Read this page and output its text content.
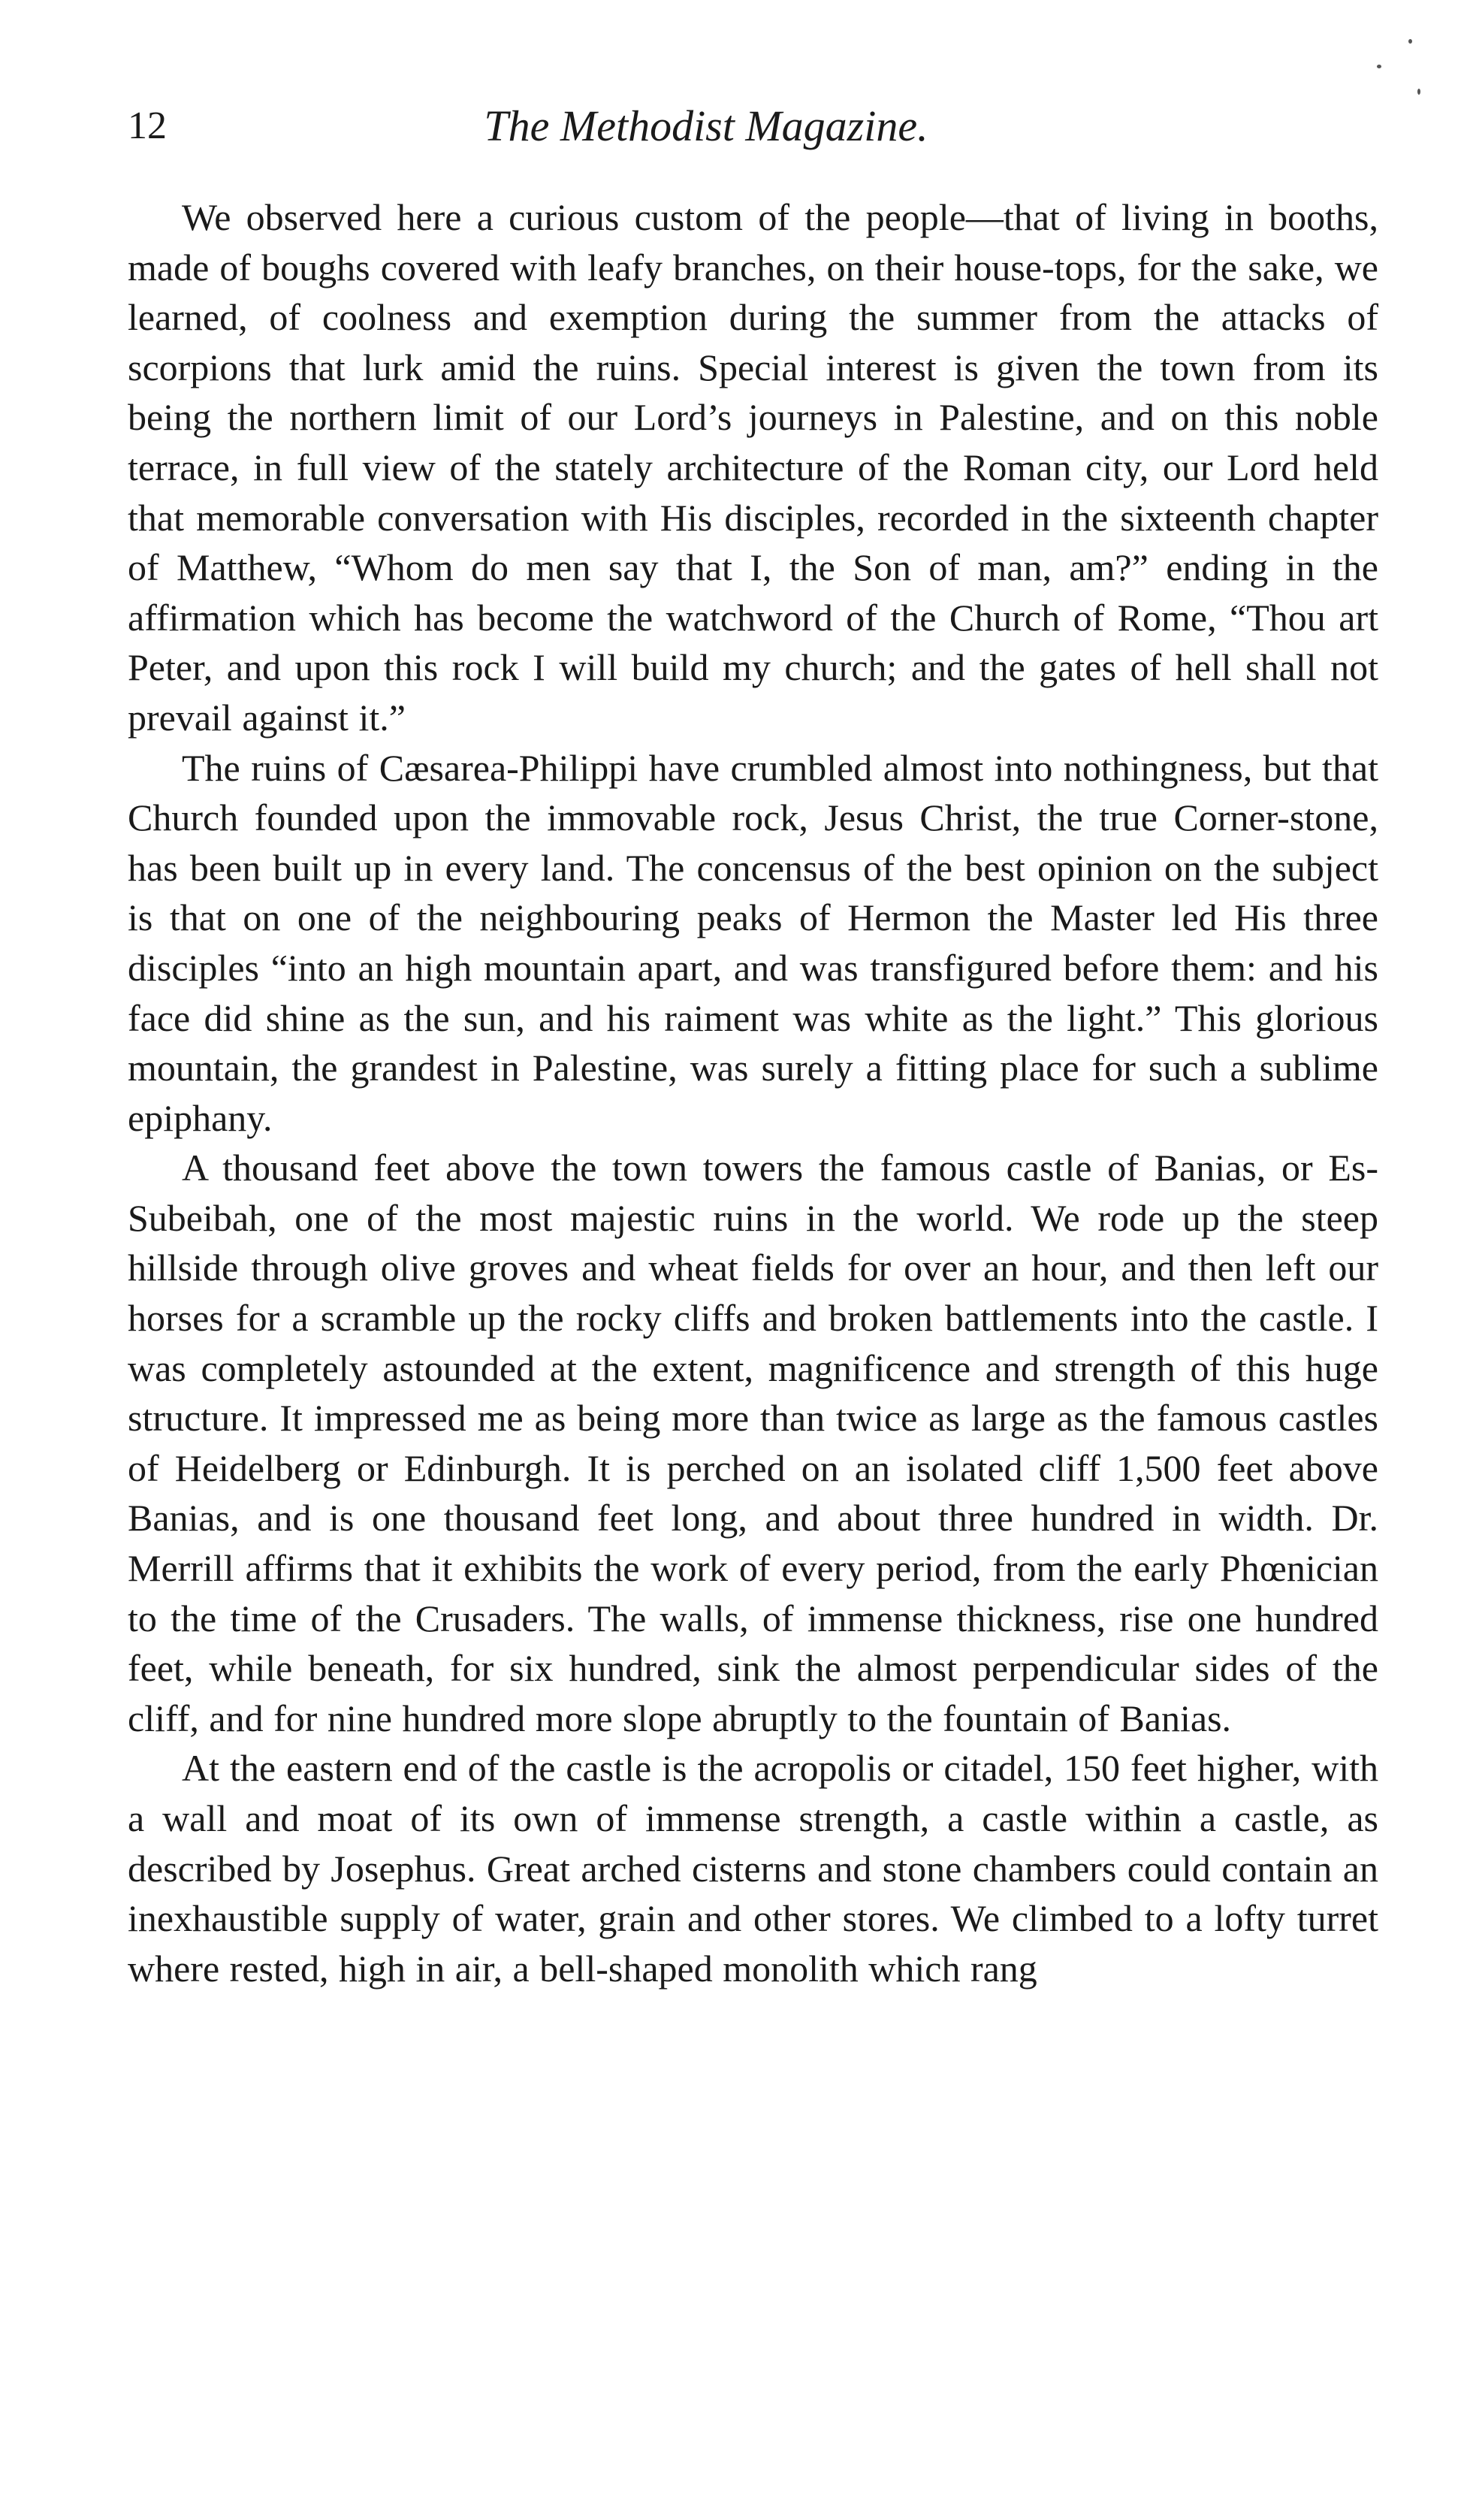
12	The Methodist Magazine.

We observed here a curious custom of the people—that of living in booths, made of boughs covered with leafy branches, on their house-tops, for the sake, we learned, of coolness and exemption during the summer from the attacks of scorpions that lurk amid the ruins. Special interest is given the town from its being the northern limit of our Lord’s journeys in Palestine, and on this noble terrace, in full view of the stately architecture of the Roman city, our Lord held that memorable conversation with His disciples, recorded in the sixteenth chapter of Matthew, “Whom do men say that I, the Son of man, am?” ending in the affirmation which has become the watchword of the Church of Rome, “Thou art Peter, and upon this rock I will build my church; and the gates of hell shall not prevail against it.”

The ruins of Cæsarea-Philippi have crumbled almost into nothingness, but that Church founded upon the immovable rock, Jesus Christ, the true Corner-stone, has been built up in every land. The concensus of the best opinion on the subject is that on one of the neighbouring peaks of Hermon the Master led His three disciples “into an high mountain apart, and was transfigured before them: and his face did shine as the sun, and his raiment was white as the light.” This glorious mountain, the grandest in Palestine, was surely a fitting place for such a sublime epiphany.

A thousand feet above the town towers the famous castle of Banias, or Es-Subeibah, one of the most majestic ruins in the world. We rode up the steep hillside through olive groves and wheat fields for over an hour, and then left our horses for a scramble up the rocky cliffs and broken battlements into the castle. I was completely astounded at the extent, magnificence and strength of this huge structure. It impressed me as being more than twice as large as the famous castles of Heidelberg or Edinburgh. It is perched on an isolated cliff 1,500 feet above Banias, and is one thousand feet long, and about three hundred in width. Dr. Merrill affirms that it exhibits the work of every period, from the early Phœnician to the time of the Crusaders. The walls, of immense thickness, rise one hundred feet, while beneath, for six hundred, sink the almost perpendicular sides of the cliff, and for nine hundred more slope abruptly to the fountain of Banias.

At the eastern end of the castle is the acropolis or citadel, 150 feet higher, with a wall and moat of its own of immense strength, a castle within a castle, as described by Josephus. Great arched cisterns and stone chambers could contain an inexhaustible supply of water, grain and other stores. We climbed to a lofty turret where rested, high in air, a bell-shaped monolith which rang
